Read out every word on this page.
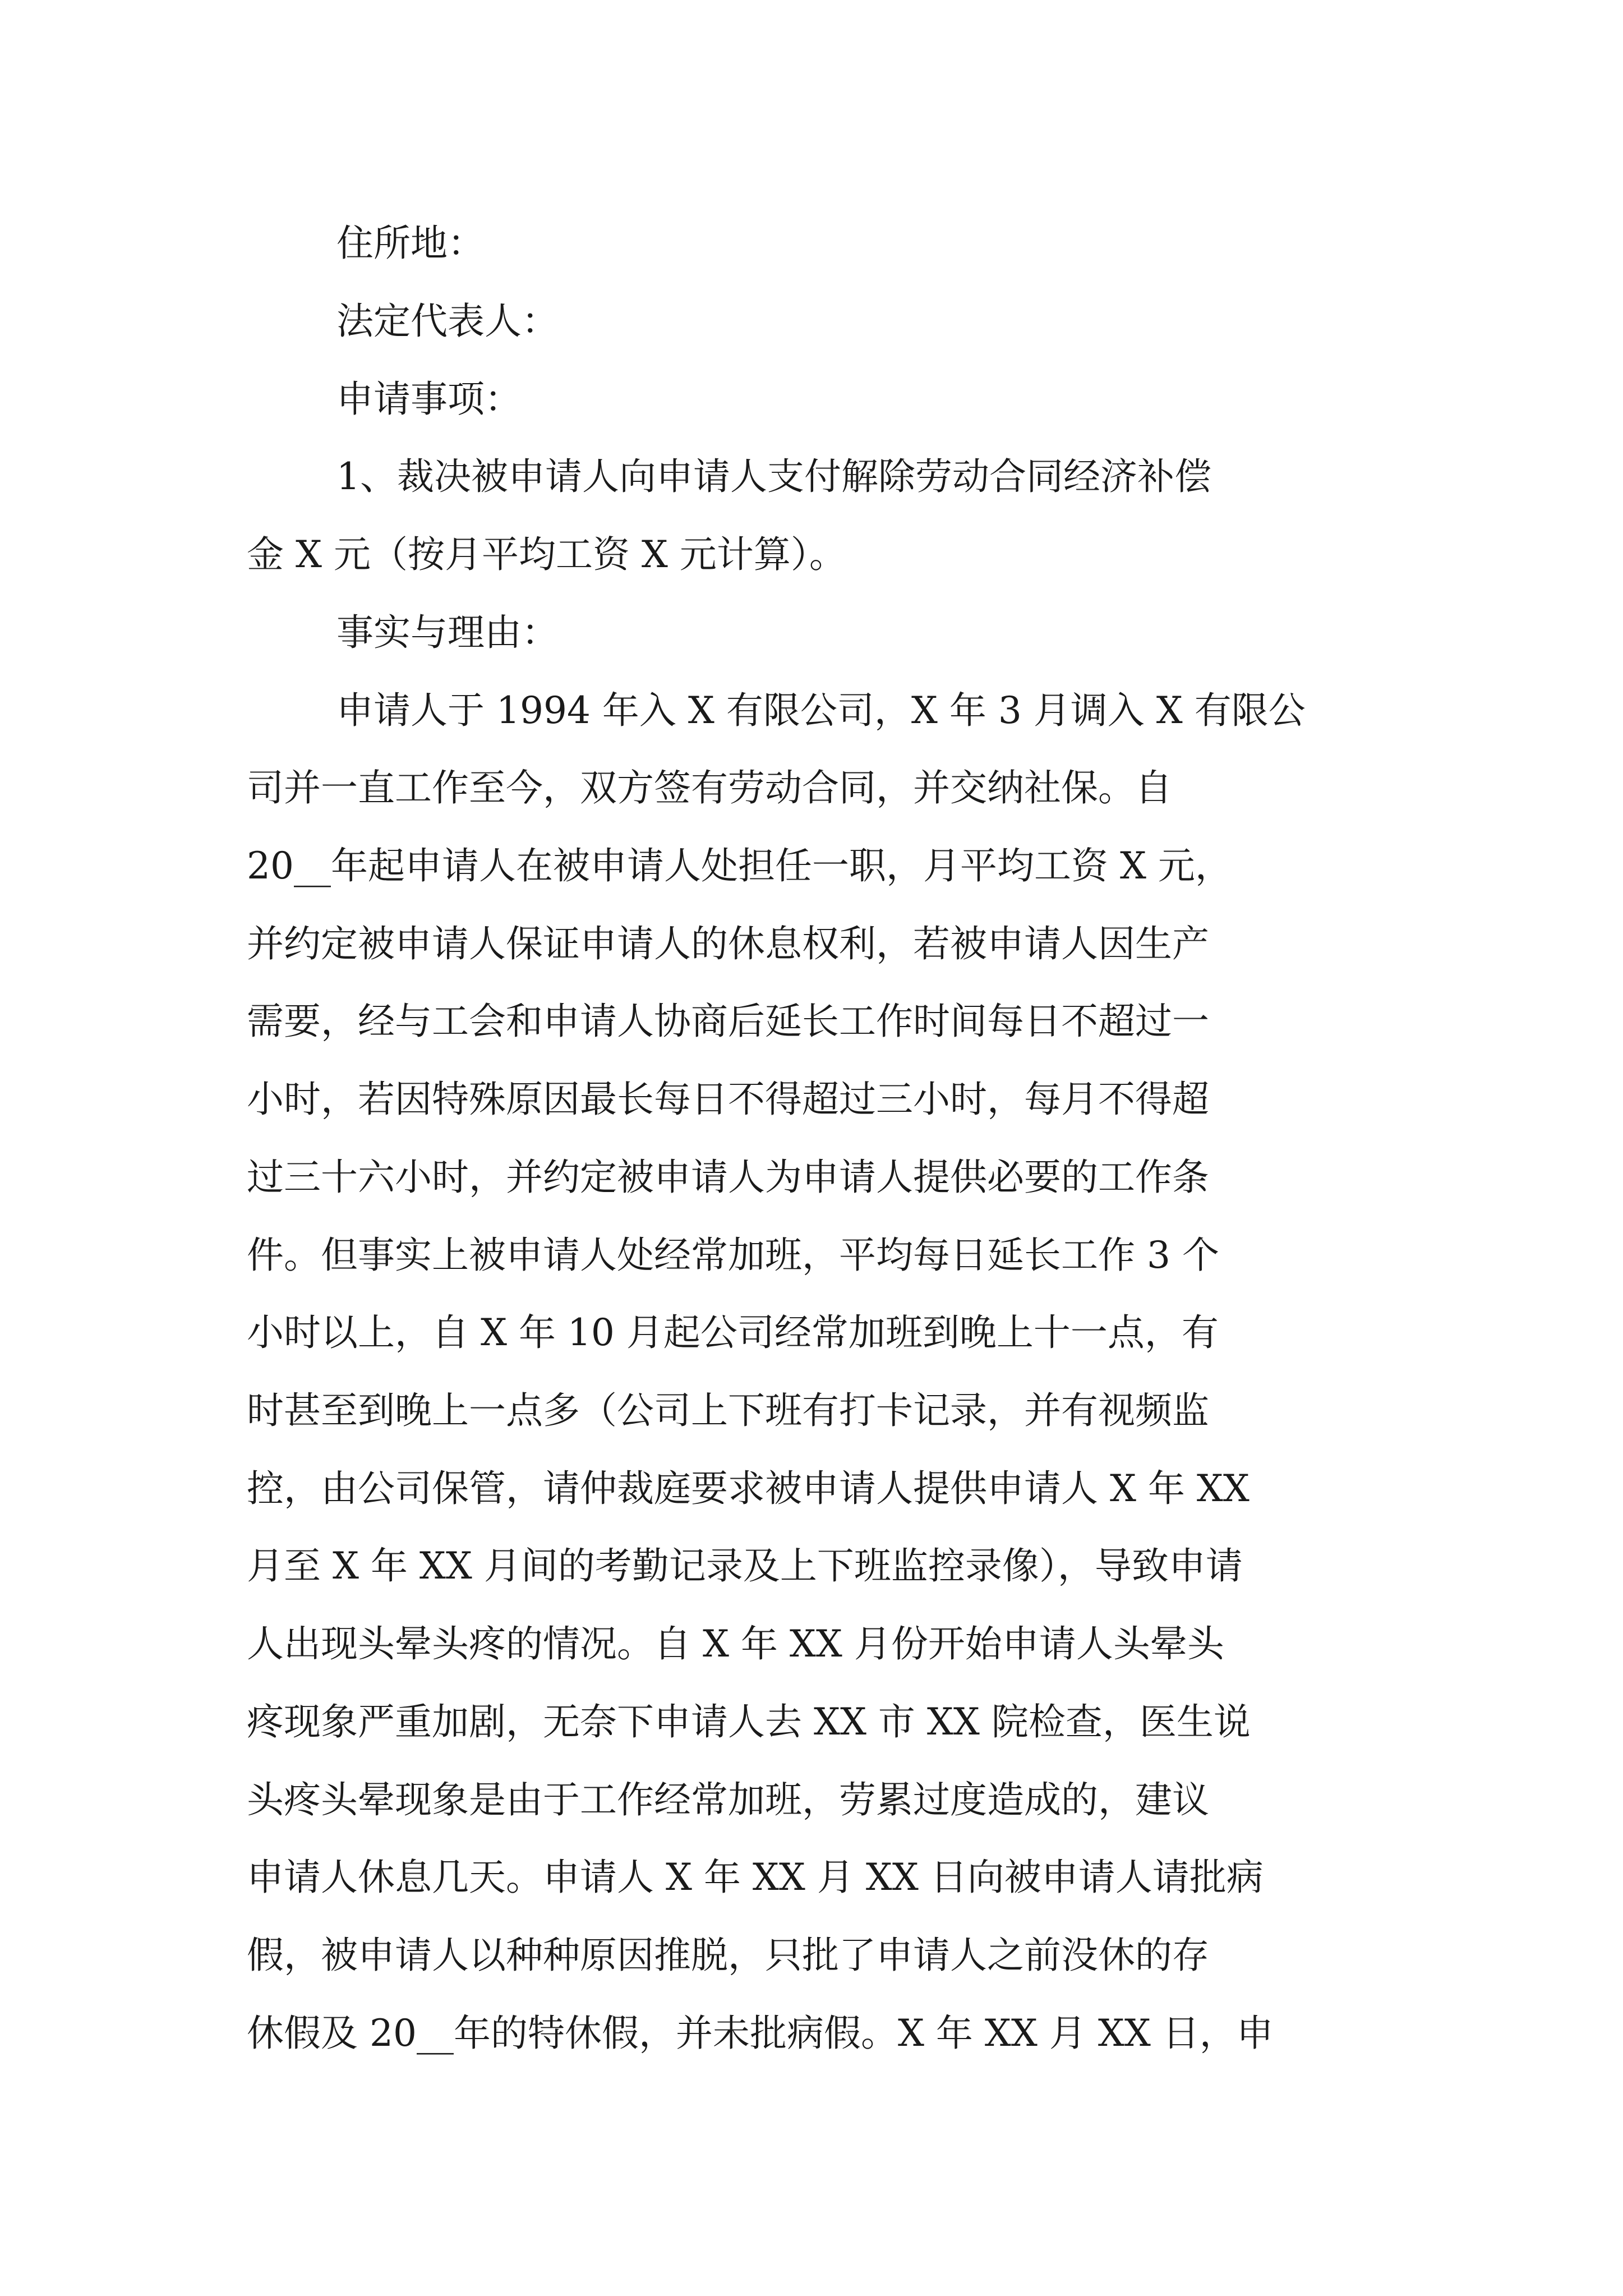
住所地：
法定代表人：
申请事项：
1、裁决被申请人向申请人支付解除劳动合同经济补偿
金 X 元（按月平均工资 X 元计算）。
事实与理由：
申请人于 1994 年入 X 有限公司，X 年 3 月调入 X 有限公
司并一直工作至今，双方签有劳动合同，并交纳社保。自
20__年起申请人在被申请人处担任一职，月平均工资 X 元，
并约定被申请人保证申请人的休息权利，若被申请人因生产
需要，经与工会和申请人协商后延长工作时间每日不超过一
小时，若因特殊原因最长每日不得超过三小时，每月不得超
过三十六小时，并约定被申请人为申请人提供必要的工作条
件。但事实上被申请人处经常加班，平均每日延长工作 3 个
小时以上，自 X 年 10 月起公司经常加班到晚上十一点，有
时甚至到晚上一点多（公司上下班有打卡记录，并有视频监
控，由公司保管，请仲裁庭要求被申请人提供申请人 X 年 XX
月至 X 年 XX 月间的考勤记录及上下班监控录像），导致申请
人出现头晕头疼的情况。自 X 年 XX 月份开始申请人头晕头
疼现象严重加剧，无奈下申请人去 XX 市 XX 院检查，医生说
头疼头晕现象是由于工作经常加班，劳累过度造成的，建议
申请人休息几天。申请人 X 年 XX 月 XX 日向被申请人请批病
假，被申请人以种种原因推脱，只批了申请人之前没休的存
休假及 20__年的特休假，并未批病假。X 年 XX 月 XX 日，申
